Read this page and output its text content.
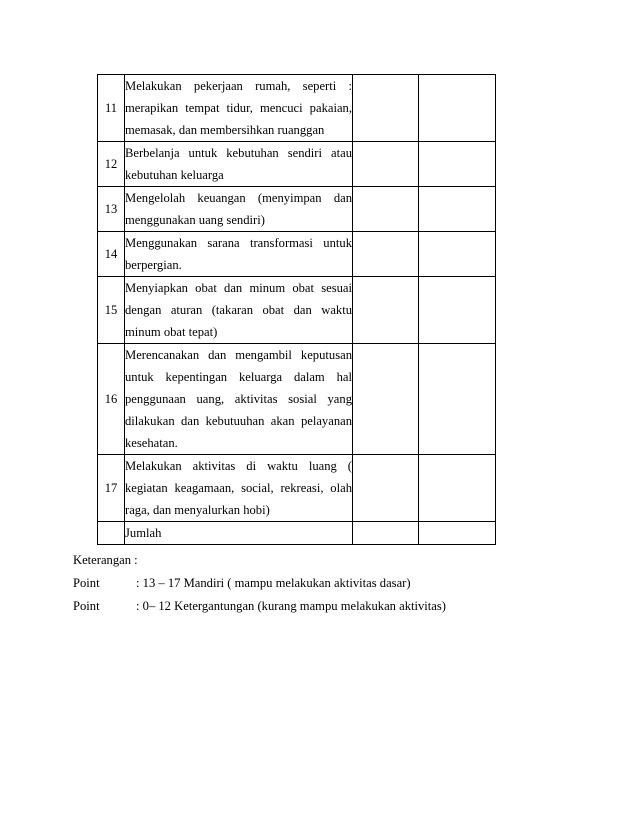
11	Melakukan pekerjaan rumah, seperti :
merapikan tempat tidur, mencuci pakaian,
memasak, dan membersihkan ruanggan		

12	Berbelanja untuk kebutuhan sendiri atau
kebutuhan keluarga		

13	Mengelolah keuangan (menyimpan dan
menggunakan uang sendiri)		

14	Menggunakan sarana transformasi untuk
berpergian.		

15	Menyiapkan obat dan minum obat sesuai
dengan aturan (takaran obat dan waktu
minum obat tepat)		

16	Merencanakan dan mengambil keputusan
untuk kepentingan keluarga dalam hal
penggunaan uang, aktivitas sosial yang
dilakukan dan kebutuuhan akan pelayanan
kesehatan.		

17	Melakukan aktivitas di waktu luang (
kegiatan keagamaan, social, rekreasi, olah
raga, dan menyalurkan hobi)		

	Jumlah		

Keterangan :
Point	: 13 – 17 Mandiri ( mampu melakukan aktivitas dasar)
Point	: 0– 12 Ketergantungan (kurang mampu melakukan aktivitas)
